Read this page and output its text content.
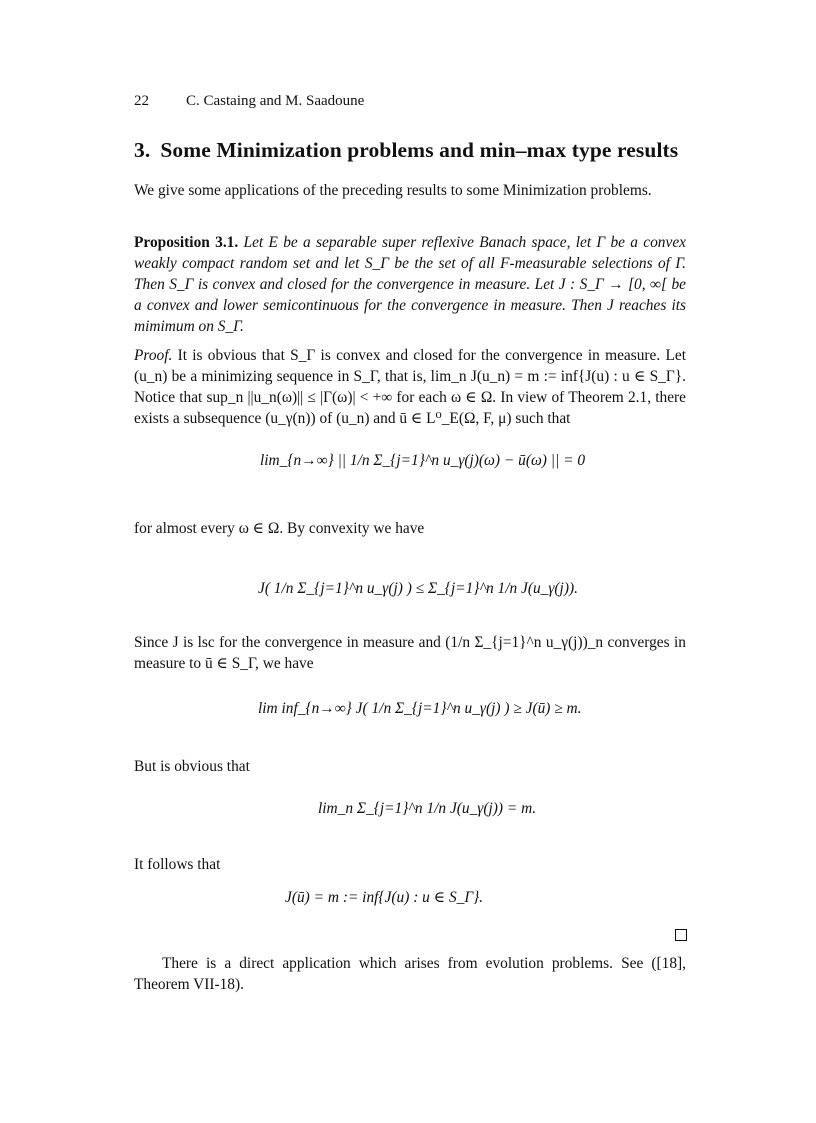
22 C. Castaing and M. Saadoune
3. Some Minimization problems and min–max type results

We give some applications of the preceding results to some Minimization problems.

Proposition 3.1. Let E be a separable super reflexive Banach space, let Γ be a convex weakly compact random set and let S_Γ be the set of all F-measurable selections of Γ. Then S_Γ is convex and closed for the convergence in measure. Let J : S_Γ → [0, ∞[ be a convex and lower semicontinuous for the convergence in measure. Then J reaches its mimimum on S_Γ.

Proof. It is obvious that S_Γ is convex and closed for the convergence in measure. Let (u_n) be a minimizing sequence in S_Γ, that is, lim_n J(u_n) = m := inf{J(u) : u ∈ S_Γ}. Notice that sup_n ||u_n(ω)|| ≤ |Γ(ω)| < +∞ for each ω ∈ Ω. In view of Theorem 2.1, there exists a subsequence (u_γ(n)) of (u_n) and ū ∈ L⁰_E(Ω, F, μ) such that

lim_{n→∞} || 1/n Σ_{j=1}^n u_γ(j)(ω) − ū(ω) || = 0

for almost every ω ∈ Ω. By convexity we have

J( 1/n Σ_{j=1}^n u_γ(j) ) ≤ Σ_{j=1}^n 1/n J(u_γ(j)).

Since J is lsc for the convergence in measure and (1/n Σ_{j=1}^n u_γ(j))_n converges in measure to ū ∈ S_Γ, we have

lim inf_{n→∞} J( 1/n Σ_{j=1}^n u_γ(j) ) ≥ J(ū) ≥ m.

But is obvious that

lim_n Σ_{j=1}^n 1/n J(u_γ(j)) = m.

It follows that

J(ū) = m := inf{J(u) : u ∈ S_Γ}.

There is a direct application which arises from evolution problems. See ([18], Theorem VII-18).
